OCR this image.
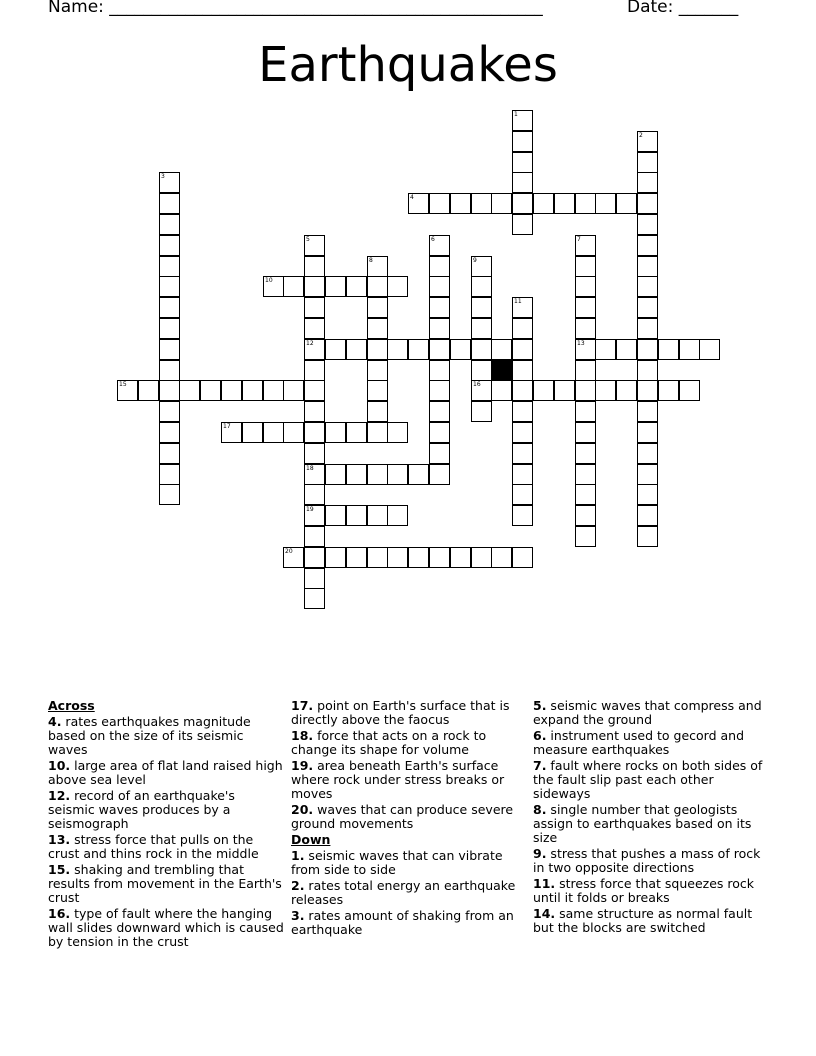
Name: ___________________________________________________	Date: _______
Earthquakes
4
10
12	13
15	16
17
18
19
20
1
2
3
5	6	7
8	9
11
Across
4. rates earthquakes magnitude based on the size of its seismic waves
10. large area of flat land raised high above sea level
12. record of an earthquake's seismic waves produces by a seismograph
13. stress force that pulls on the crust and thins rock in the middle
15. shaking and trembling that results from movement in the Earth's crust
16. type of fault where the hanging wall slides downward which is caused by tension in the crust
17. point on Earth's surface that is directly above the faocus
18. force that acts on a rock to change its shape for volume
19. area beneath Earth's surface where rock under stress breaks or moves
20. waves that can produce severe ground movements
Down
1. seismic waves that can vibrate from side to side
2. rates total energy an earthquake releases
3. rates amount of shaking from an earthquake
5. seismic waves that compress and expand the ground
6. instrument used to gecord and measure earthquakes
7. fault where rocks on both sides of the fault slip past each other sideways
8. single number that geologists assign to earthquakes based on its size
9. stress that pushes a mass of rock in two opposite directions
11. stress force that squeezes rock until it folds or breaks
14. same structure as normal fault but the blocks are switched
